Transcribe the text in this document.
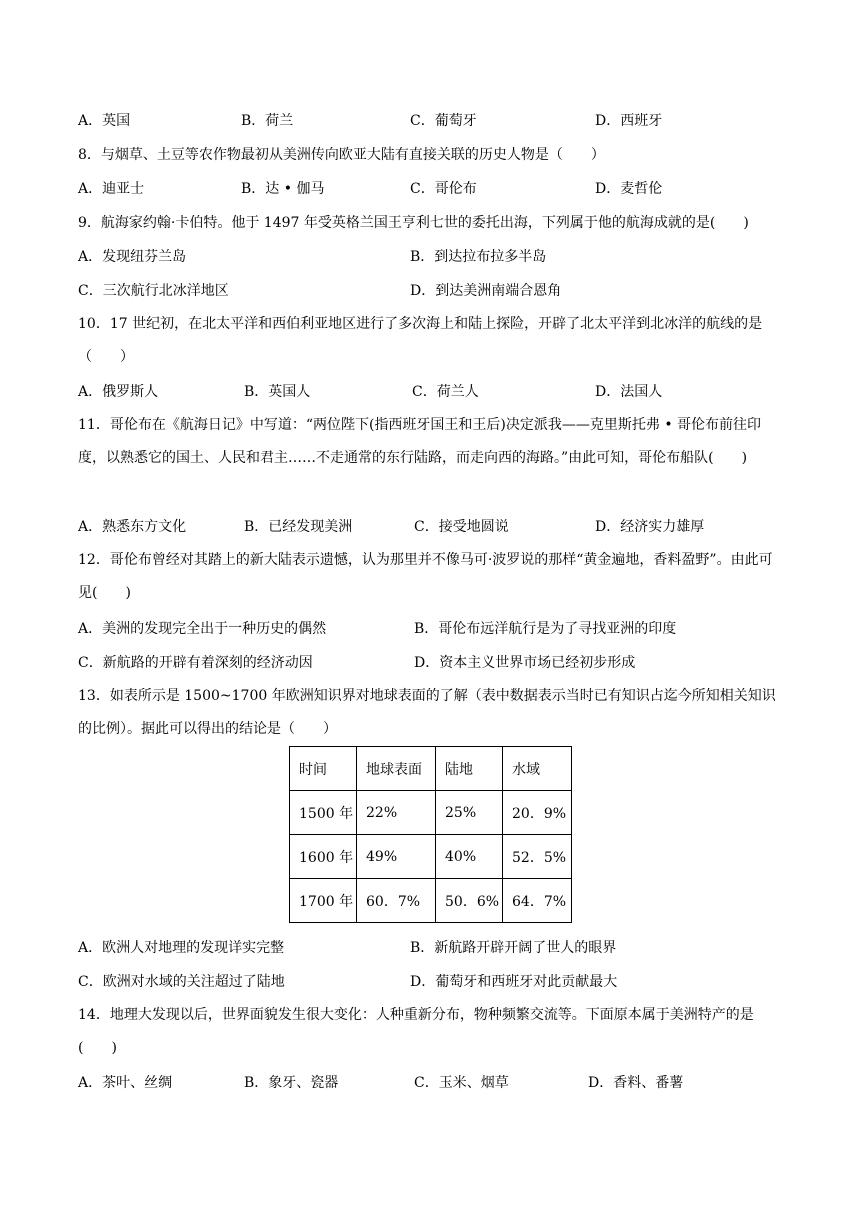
A．英国	B．荷兰	C．葡萄牙	D．西班牙
8．与烟草、土豆等农作物最初从美洲传向欧亚大陆有直接关联的历史人物是（　　）
A．迪亚士	B．达 • 伽马	C．哥伦布	D．麦哲伦
9．航海家约翰·卡伯特。他于 1497 年受英格兰国王亨利七世的委托出海，下列属于他的航海成就的是(　　)
A．发现纽芬兰岛	B．到达拉布拉多半岛
C．三次航行北冰洋地区	D．到达美洲南端合恩角
10．17 世纪初，在北太平洋和西伯利亚地区进行了多次海上和陆上探险，开辟了北太平洋到北冰洋的航线的是（　　）
A．俄罗斯人	B．英国人	C．荷兰人	D．法国人
11．哥伦布在《航海日记》中写道：“两位陛下(指西班牙国王和王后)决定派我——克里斯托弗 • 哥伦布前往印度，以熟悉它的国土、人民和君主……不走通常的东行陆路，而走向西的海路。”由此可知，哥伦布船队(　　)
A．熟悉东方文化	B．已经发现美洲	C．接受地圆说	D．经济实力雄厚
12．哥伦布曾经对其踏上的新大陆表示遗憾，认为那里并不像马可·波罗说的那样“黄金遍地，香料盈野”。由此可见(　　)
A．美洲的发现完全出于一种历史的偶然	B．哥伦布远洋航行是为了寻找亚洲的印度
C．新航路的开辟有着深刻的经济动因	D．资本主义世界市场已经初步形成
13．如表所示是 1500~1700 年欧洲知识界对地球表面的了解（表中数据表示当时已有知识占迄今所知相关知识的比例）。据此可以得出的结论是（　　）
时间	地球表面	陆地	水域
1500 年	22%	25%	20．9%
1600 年	49%	40%	52．5%
1700 年	60．7%	50．6%	64．7%
A．欧洲人对地理的发现详实完整	B．新航路开辟开阔了世人的眼界
C．欧洲对水域的关注超过了陆地	D．葡萄牙和西班牙对此贡献最大
14．地理大发现以后，世界面貌发生很大变化：人种重新分布，物种频繁交流等。下面原本属于美洲特产的是(　　)
A．茶叶、丝绸	B．象牙、瓷器	C．玉米、烟草	D．香料、番薯
